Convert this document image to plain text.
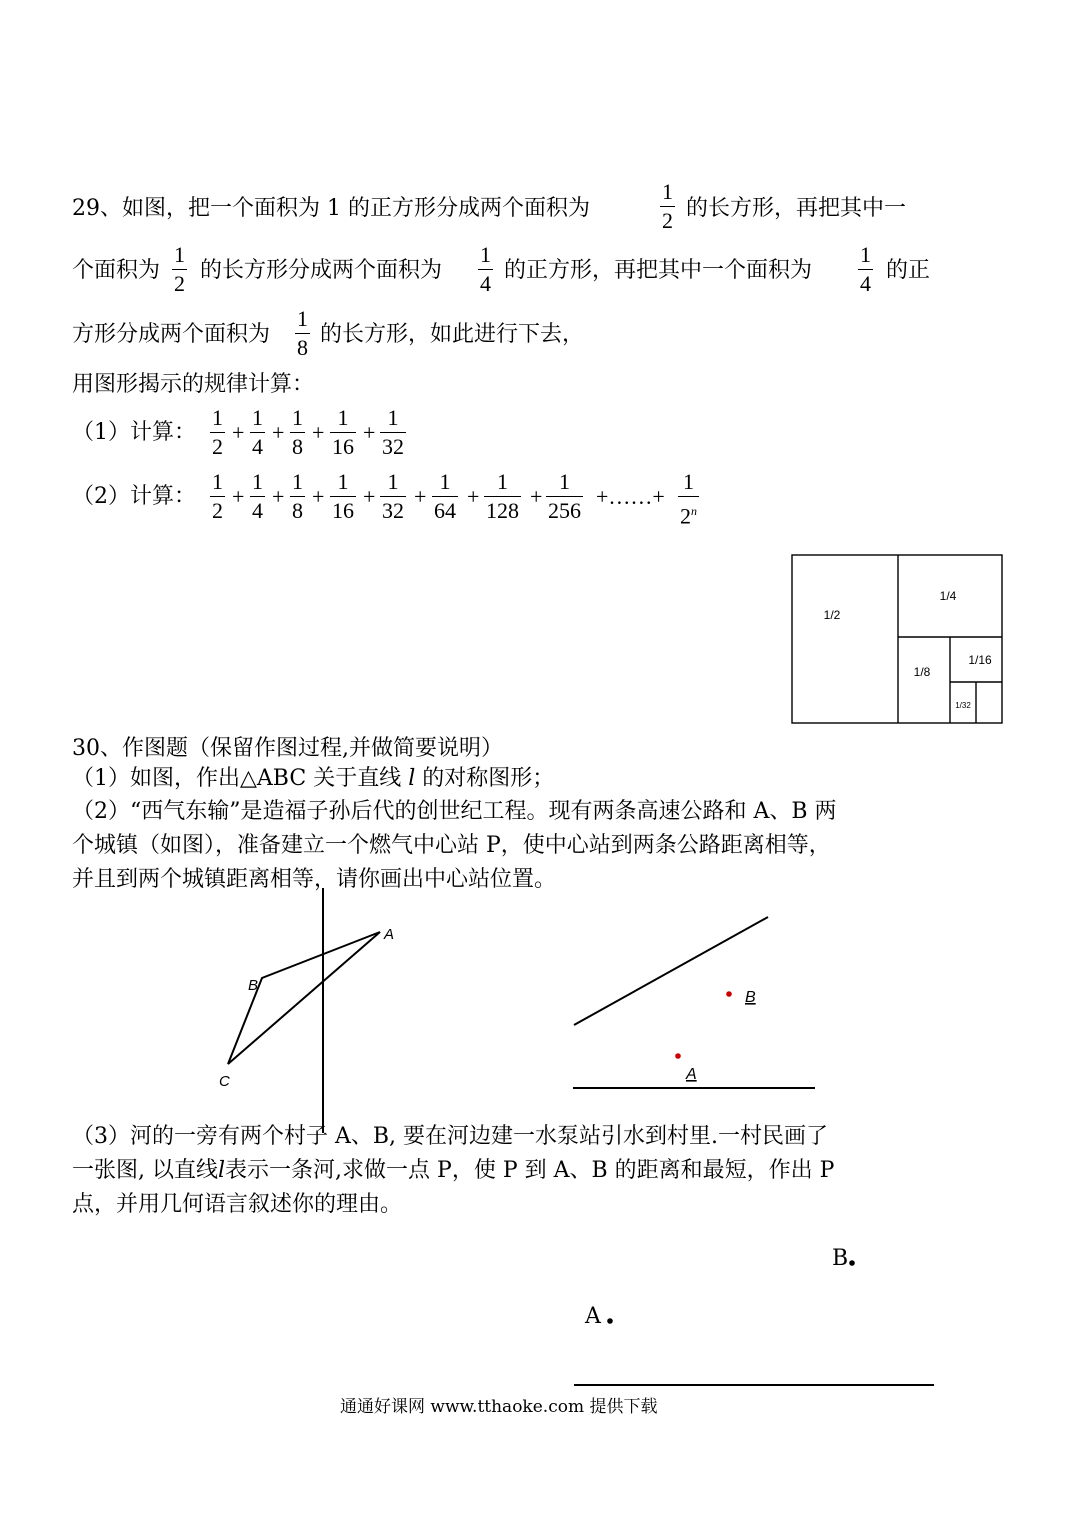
29、如图，把一个面积为 1 的正方形分成两个面积为
1
2 的长方形，再把其中一
个面积为
1
2
的长方形分成两个面积为
1
4
的正方形，再把其中一个面积为
1
4
的正
方形分成两个面积为
1
8
的长方形，如此进行下去，
用图形揭示的规律计算：
（1）计算：
1
2
+
1
4
+
1
8
+
1
16
+
1
32
（2）计算：
1
2
+
1
4
+
1
8
+
1
16
+
1
32
+
1
64
+
1
128
+
1
256
+……+
1
2$^n$
1/2
1/4
1/8
1/16
1/32
A
B
C
B
A
30、作图题（保留作图过程,并做简要说明）
（1）如图，作出△ABC 关于直线 l 的对称图形；
（2）“西气东输”是造福子孙后代的创世纪工程。现有两条高速公路和 A、B 两
个城镇（如图），准备建立一个燃气中心站 P，使中心站到两条公路距离相等，
并且到两个城镇距离相等，请你画出中心站位置。
（3）河的一旁有两个村子 A、B, 要在河边建一水泵站引水到村里.一村民画了
一张图, 以直线l表示一条河,求做一点 P，使 P 到 A、B 的距离和最短，作出 P
点，并用几何语言叙述你的理由。
B
A
通通好课网 www.tthaoke.com 提供下载
